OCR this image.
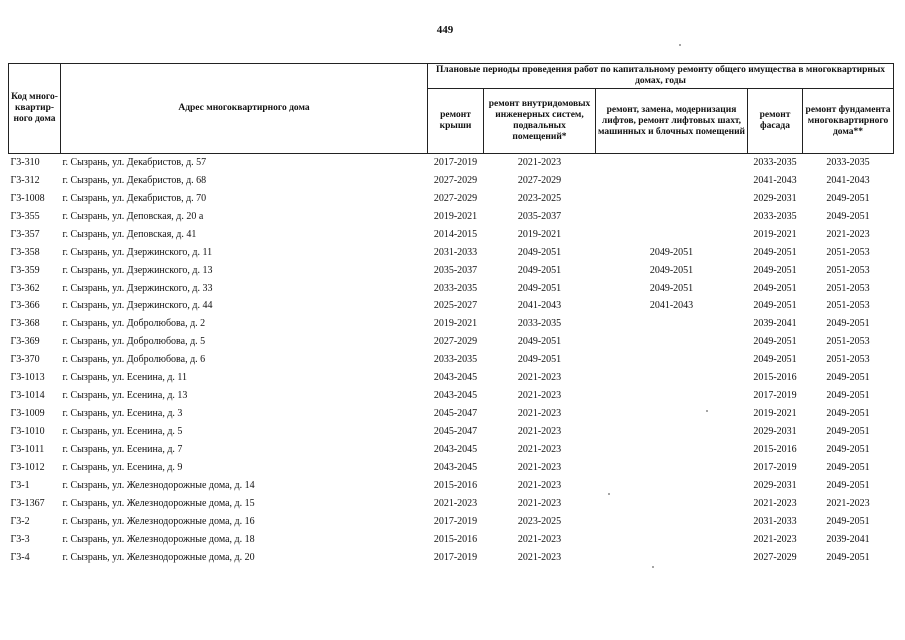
449
Код много-квартир-ного дома	Адрес многоквартирного дома	Плановые периоды проведения работ по капитальному ремонту общего имущества в многоквартирных домах, годы				
		ремонт крыши	ремонт внутридомовых инженерных систем, подвальных помещений*	ремонт, замена, модернизация лифтов, ремонт лифтовых шахт, машинных и блочных помещений	ремонт фасада	ремонт фундамента многоквартирного дома**
Г3-310	г. Сызрань, ул. Декабристов, д. 57	2017-2019	2021-2023		2033-2035	2033-2035
Г3-312	г. Сызрань, ул. Декабристов, д. 68	2027-2029	2027-2029		2041-2043	2041-2043
Г3-1008	г. Сызрань, ул. Декабристов, д. 70	2027-2029	2023-2025		2029-2031	2049-2051
Г3-355	г. Сызрань, ул. Деповская, д. 20 а	2019-2021	2035-2037		2033-2035	2049-2051
Г3-357	г. Сызрань, ул. Деповская, д. 41	2014-2015	2019-2021		2019-2021	2021-2023
Г3-358	г. Сызрань, ул. Дзержинского, д. 11	2031-2033	2049-2051	2049-2051	2049-2051	2051-2053
Г3-359	г. Сызрань, ул. Дзержинского, д. 13	2035-2037	2049-2051	2049-2051	2049-2051	2051-2053
Г3-362	г. Сызрань, ул. Дзержинского, д. 33	2033-2035	2049-2051	2049-2051	2049-2051	2051-2053
Г3-366	г. Сызрань, ул. Дзержинского, д. 44	2025-2027	2041-2043	2041-2043	2049-2051	2051-2053
Г3-368	г. Сызрань, ул. Добролюбова, д. 2	2019-2021	2033-2035		2039-2041	2049-2051
Г3-369	г. Сызрань, ул. Добролюбова, д. 5	2027-2029	2049-2051		2049-2051	2051-2053
Г3-370	г. Сызрань, ул. Добролюбова, д. 6	2033-2035	2049-2051		2049-2051	2051-2053
Г3-1013	г. Сызрань, ул. Есенина, д. 11	2043-2045	2021-2023		2015-2016	2049-2051
Г3-1014	г. Сызрань, ул. Есенина, д. 13	2043-2045	2021-2023		2017-2019	2049-2051
Г3-1009	г. Сызрань, ул. Есенина, д. 3	2045-2047	2021-2023		2019-2021	2049-2051
Г3-1010	г. Сызрань, ул. Есенина, д. 5	2045-2047	2021-2023		2029-2031	2049-2051
Г3-1011	г. Сызрань, ул. Есенина, д. 7	2043-2045	2021-2023		2015-2016	2049-2051
Г3-1012	г. Сызрань, ул. Есенина, д. 9	2043-2045	2021-2023		2017-2019	2049-2051
Г3-1	г. Сызрань, ул. Железнодорожные дома, д. 14	2015-2016	2021-2023		2029-2031	2049-2051
Г3-1367	г. Сызрань, ул. Железнодорожные дома, д. 15	2021-2023	2021-2023		2021-2023	2021-2023
Г3-2	г. Сызрань, ул. Железнодорожные дома, д. 16	2017-2019	2023-2025		2031-2033	2049-2051
Г3-3	г. Сызрань, ул. Железнодорожные дома, д. 18	2015-2016	2021-2023		2021-2023	2039-2041
Г3-4	г. Сызрань, ул. Железнодорожные дома, д. 20	2017-2019	2021-2023		2027-2029	2049-2051
